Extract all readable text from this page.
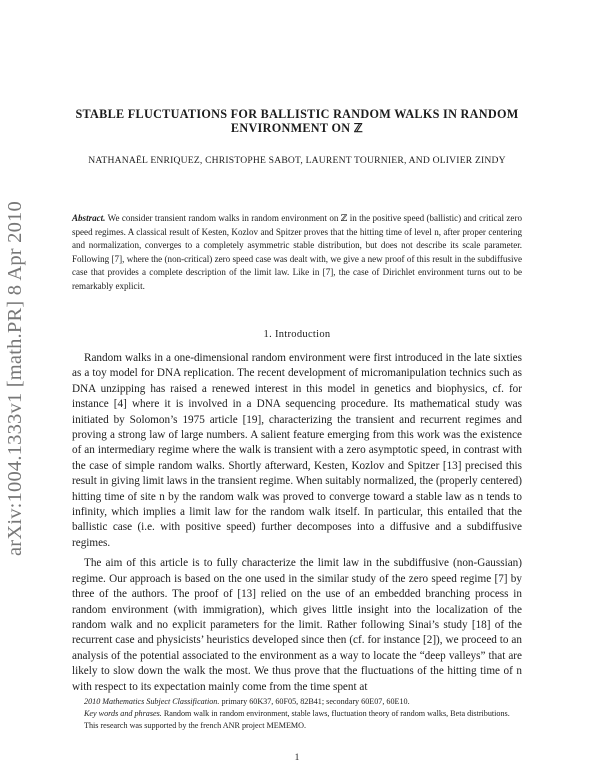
arXiv:1004.1333v1 [math.PR] 8 Apr 2010
STABLE FLUCTUATIONS FOR BALLISTIC RANDOM WALKS IN RANDOM ENVIRONMENT ON ℤ
NATHANAËL ENRIQUEZ, CHRISTOPHE SABOT, LAURENT TOURNIER, AND OLIVIER ZINDY
Abstract. We consider transient random walks in random environment on ℤ in the positive speed (ballistic) and critical zero speed regimes. A classical result of Kesten, Kozlov and Spitzer proves that the hitting time of level n, after proper centering and normalization, converges to a completely asymmetric stable distribution, but does not describe its scale parameter. Following [7], where the (non-critical) zero speed case was dealt with, we give a new proof of this result in the subdiffusive case that provides a complete description of the limit law. Like in [7], the case of Dirichlet environment turns out to be remarkably explicit.
1. Introduction

Random walks in a one-dimensional random environment were first introduced in the late sixties as a toy model for DNA replication. The recent development of micromanipulation technics such as DNA unzipping has raised a renewed interest in this model in genetics and biophysics, cf. for instance [4] where it is involved in a DNA sequencing procedure. Its mathematical study was initiated by Solomon’s 1975 article [19], characterizing the transient and recurrent regimes and proving a strong law of large numbers. A salient feature emerging from this work was the existence of an intermediary regime where the walk is transient with a zero asymptotic speed, in contrast with the case of simple random walks. Shortly afterward, Kesten, Kozlov and Spitzer [13] precised this result in giving limit laws in the transient regime. When suitably normalized, the (properly centered) hitting time of site n by the random walk was proved to converge toward a stable law as n tends to infinity, which implies a limit law for the random walk itself. In particular, this entailed that the ballistic case (i.e. with positive speed) further decomposes into a diffusive and a subdiffusive regimes.

The aim of this article is to fully characterize the limit law in the subdiffusive (non-Gaussian) regime. Our approach is based on the one used in the similar study of the zero speed regime [7] by three of the authors. The proof of [13] relied on the use of an embedded branching process in random environment (with immigration), which gives little insight into the localization of the random walk and no explicit parameters for the limit. Rather following Sinai’s study [18] of the recurrent case and physicists’ heuristics developed since then (cf. for instance [2]), we proceed to an analysis of the potential associated to the environment as a way to locate the “deep valleys” that are likely to slow down the walk the most. We thus prove that the fluctuations of the hitting time of n with respect to its expectation mainly come from the time spent at

2010 Mathematics Subject Classification. primary 60K37, 60F05, 82B41; secondary 60E07, 60E10.

Key words and phrases. Random walk in random environment, stable laws, fluctuation theory of random walks, Beta distributions.

This research was supported by the french ANR project MEMEMO.

1
